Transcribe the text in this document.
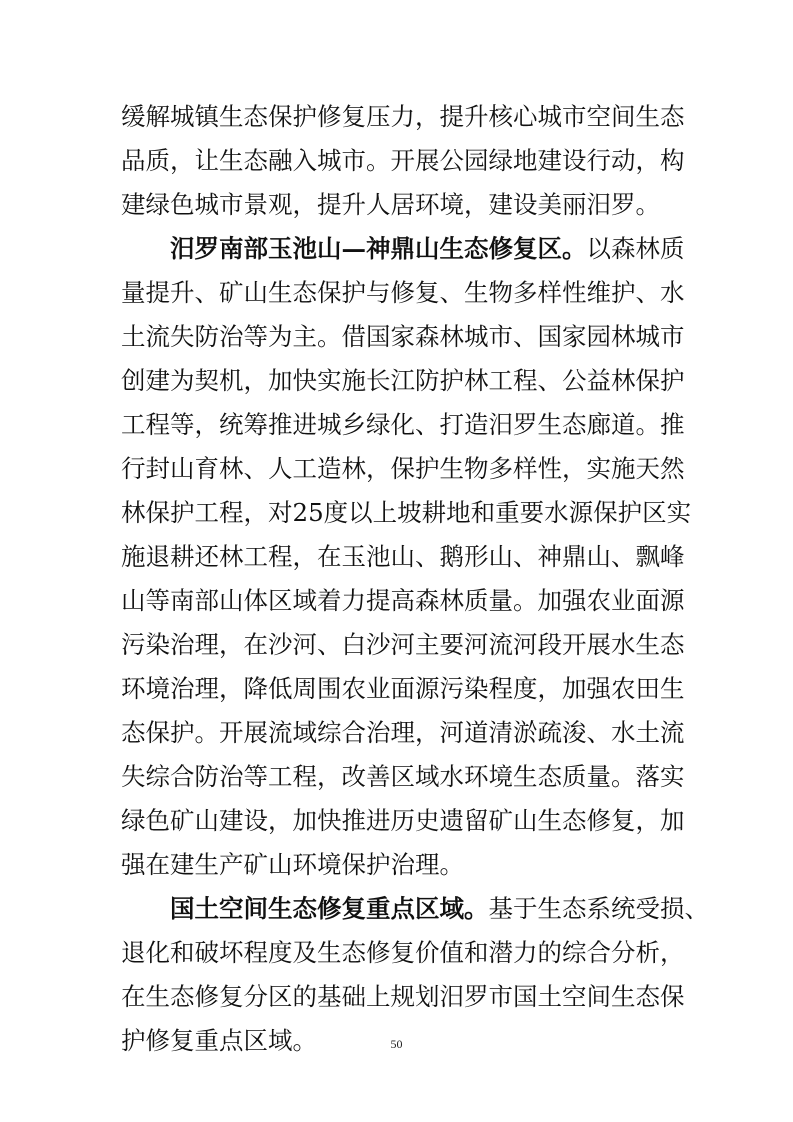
缓解城镇生态保护修复压力，提升核心城市空间生态
品质，让生态融入城市。开展公园绿地建设行动，构
建绿色城市景观，提升人居环境，建设美丽汨罗。
汨罗南部玉池山—神鼎山生态修复区。以森林质
量提升、矿山生态保护与修复、生物多样性维护、水
土流失防治等为主。借国家森林城市、国家园林城市
创建为契机，加快实施长江防护林工程、公益林保护
工程等，统筹推进城乡绿化、打造汨罗生态廊道。推
行封山育林、人工造林，保护生物多样性，实施天然
林保护工程，对25度以上坡耕地和重要水源保护区实
施退耕还林工程，在玉池山、鹅形山、神鼎山、飘峰
山等南部山体区域着力提高森林质量。加强农业面源
污染治理，在沙河、白沙河主要河流河段开展水生态
环境治理，降低周围农业面源污染程度，加强农田生
态保护。开展流域综合治理，河道清淤疏浚、水土流
失综合防治等工程，改善区域水环境生态质量。落实
绿色矿山建设，加快推进历史遗留矿山生态修复，加
强在建生产矿山环境保护治理。
国土空间生态修复重点区域。基于生态系统受损、
退化和破坏程度及生态修复价值和潜力的综合分析，
在生态修复分区的基础上规划汨罗市国土空间生态保
护修复重点区域。	50
